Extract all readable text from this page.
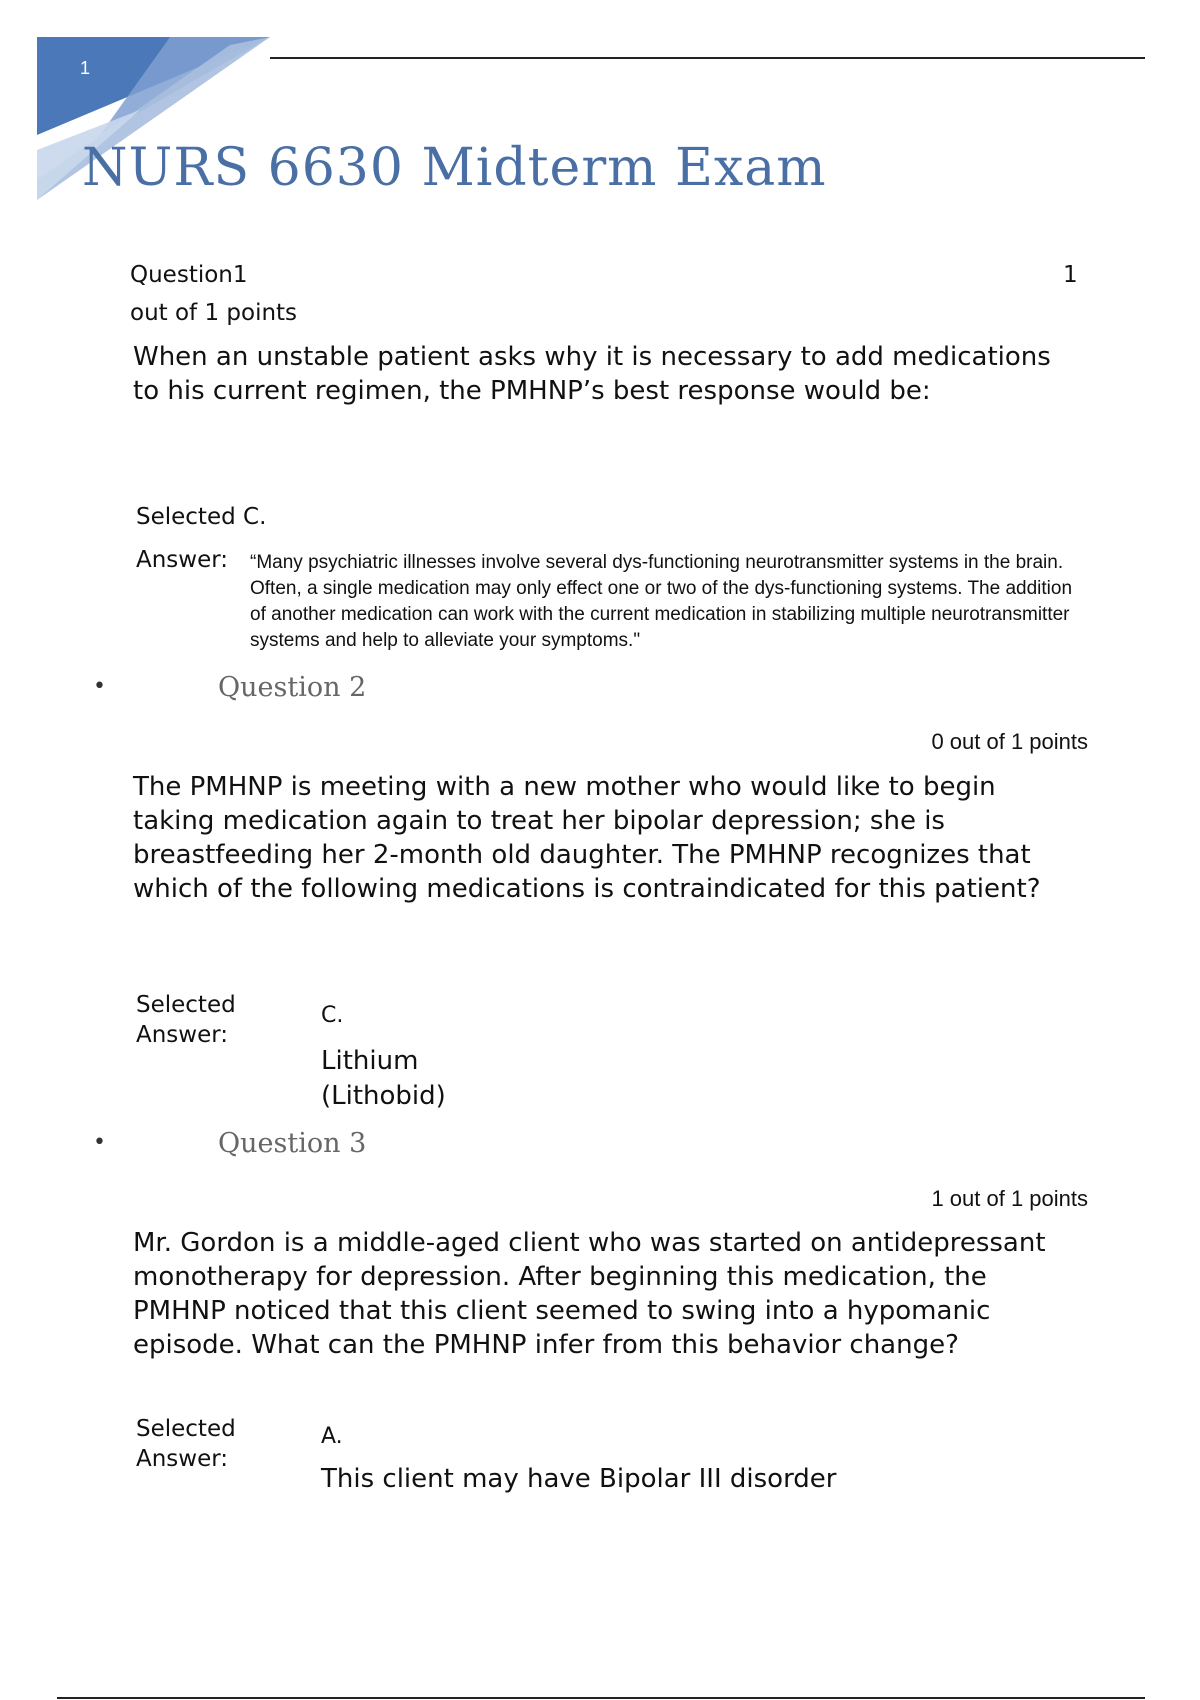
1
NURS 6630 Midterm Exam
Question1	1
out of 1 points
When an unstable patient asks why it is necessary to add medications to his current regimen, the PMHNP’s best response would be:
Selected C.
Answer: “Many psychiatric illnesses involve several dys-functioning neurotransmitter systems in the brain. Often, a single medication may only effect one or two of the dys-functioning systems. The addition of another medication can work with the current medication in stabilizing multiple neurotransmitter systems and help to alleviate your symptoms."
•	Question 2
0 out of 1 points
The PMHNP is meeting with a new mother who would like to begin taking medication again to treat her bipolar depression; she is breastfeeding her 2-month old daughter. The PMHNP recognizes that which of the following medications is contraindicated for this patient?
Selected
Answer:
C.
Lithium
(Lithobid)
•	Question 3
1 out of 1 points
Mr. Gordon is a middle-aged client who was started on antidepressant monotherapy for depression. After beginning this medication, the PMHNP noticed that this client seemed to swing into a hypomanic episode. What can the PMHNP infer from this behavior change?
Selected
Answer:
A.
This client may have Bipolar III disorder
